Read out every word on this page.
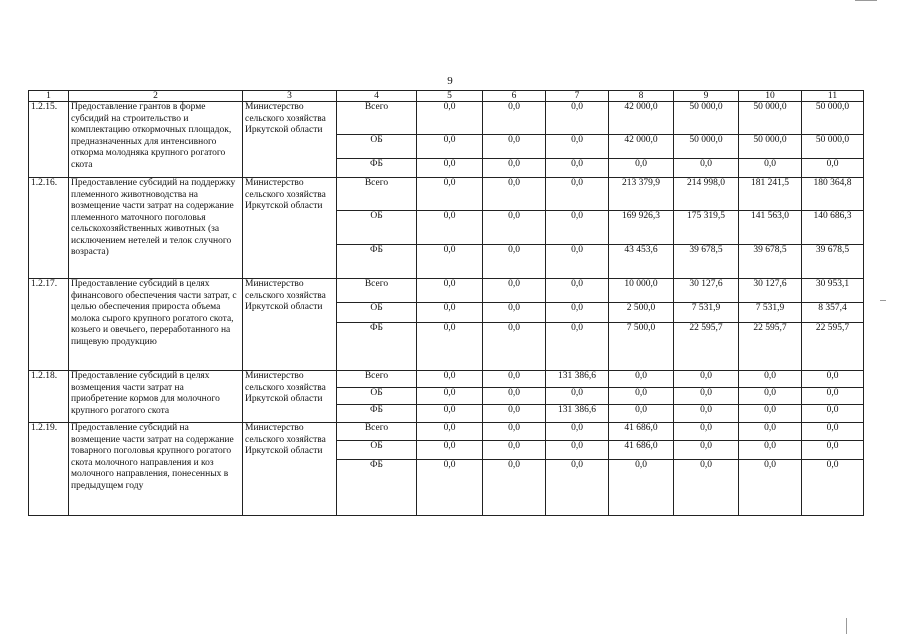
9
1	2	3	4	5	6	7	8	9	10	11
1.2.15.	Предоставление грантов в форме субсидий на строительство и комплектацию откормочных площадок, предназначенных для интенсивного откорма молодняка крупного рогатого скота	Министерство сельского хозяйства Иркутской области	Всего	0,0	0,0	0,0	42 000,0	50 000,0	50 000,0	50 000,0
			ОБ	0,0	0,0	0,0	42 000,0	50 000,0	50 000,0	50 000,0
			ФБ	0,0	0,0	0,0	0,0	0,0	0,0	0,0
1.2.16.	Предоставление субсидий на поддержку племенного животноводства на возмещение части затрат на содержание племенного маточного поголовья сельскохозяйственных животных (за исключением нетелей и телок случного возраста)	Министерство сельского хозяйства Иркутской области	Всего	0,0	0,0	0,0	213 379,9	214 998,0	181 241,5	180 364,8
			ОБ	0,0	0,0	0,0	169 926,3	175 319,5	141 563,0	140 686,3
			ФБ	0,0	0,0	0,0	43 453,6	39 678,5	39 678,5	39 678,5
1.2.17.	Предоставление субсидий в целях финансового обеспечения части затрат, с целью обеспечения прироста объема молока сырого крупного рогатого скота, козьего и овечьего, переработанного на пищевую продукцию	Министерство сельского хозяйства Иркутской области	Всего	0,0	0,0	0,0	10 000,0	30 127,6	30 127,6	30 953,1
			ОБ	0,0	0,0	0,0	2 500,0	7 531,9	7 531,9	8 357,4
			ФБ	0,0	0,0	0,0	7 500,0	22 595,7	22 595,7	22 595,7
1.2.18.	Предоставление субсидий в целях возмещения части затрат на приобретение кормов для молочного крупного рогатого скота	Министерство сельского хозяйства Иркутской области	Всего	0,0	0,0	131 386,6	0,0	0,0	0,0	0,0
			ОБ	0,0	0,0	0,0	0,0	0,0	0,0	0,0
			ФБ	0,0	0,0	131 386,6	0,0	0,0	0,0	0,0
1.2.19.	Предоставление субсидий на возмещение части затрат на содержание товарного поголовья крупного рогатого скота молочного направления и коз молочного направления, понесенных в предыдущем году	Министерство сельского хозяйства Иркутской области	Всего	0,0	0,0	0,0	41 686,0	0,0	0,0	0,0
			ОБ	0,0	0,0	0,0	41 686,0	0,0	0,0	0,0
			ФБ	0,0	0,0	0,0	0,0	0,0	0,0	0,0
